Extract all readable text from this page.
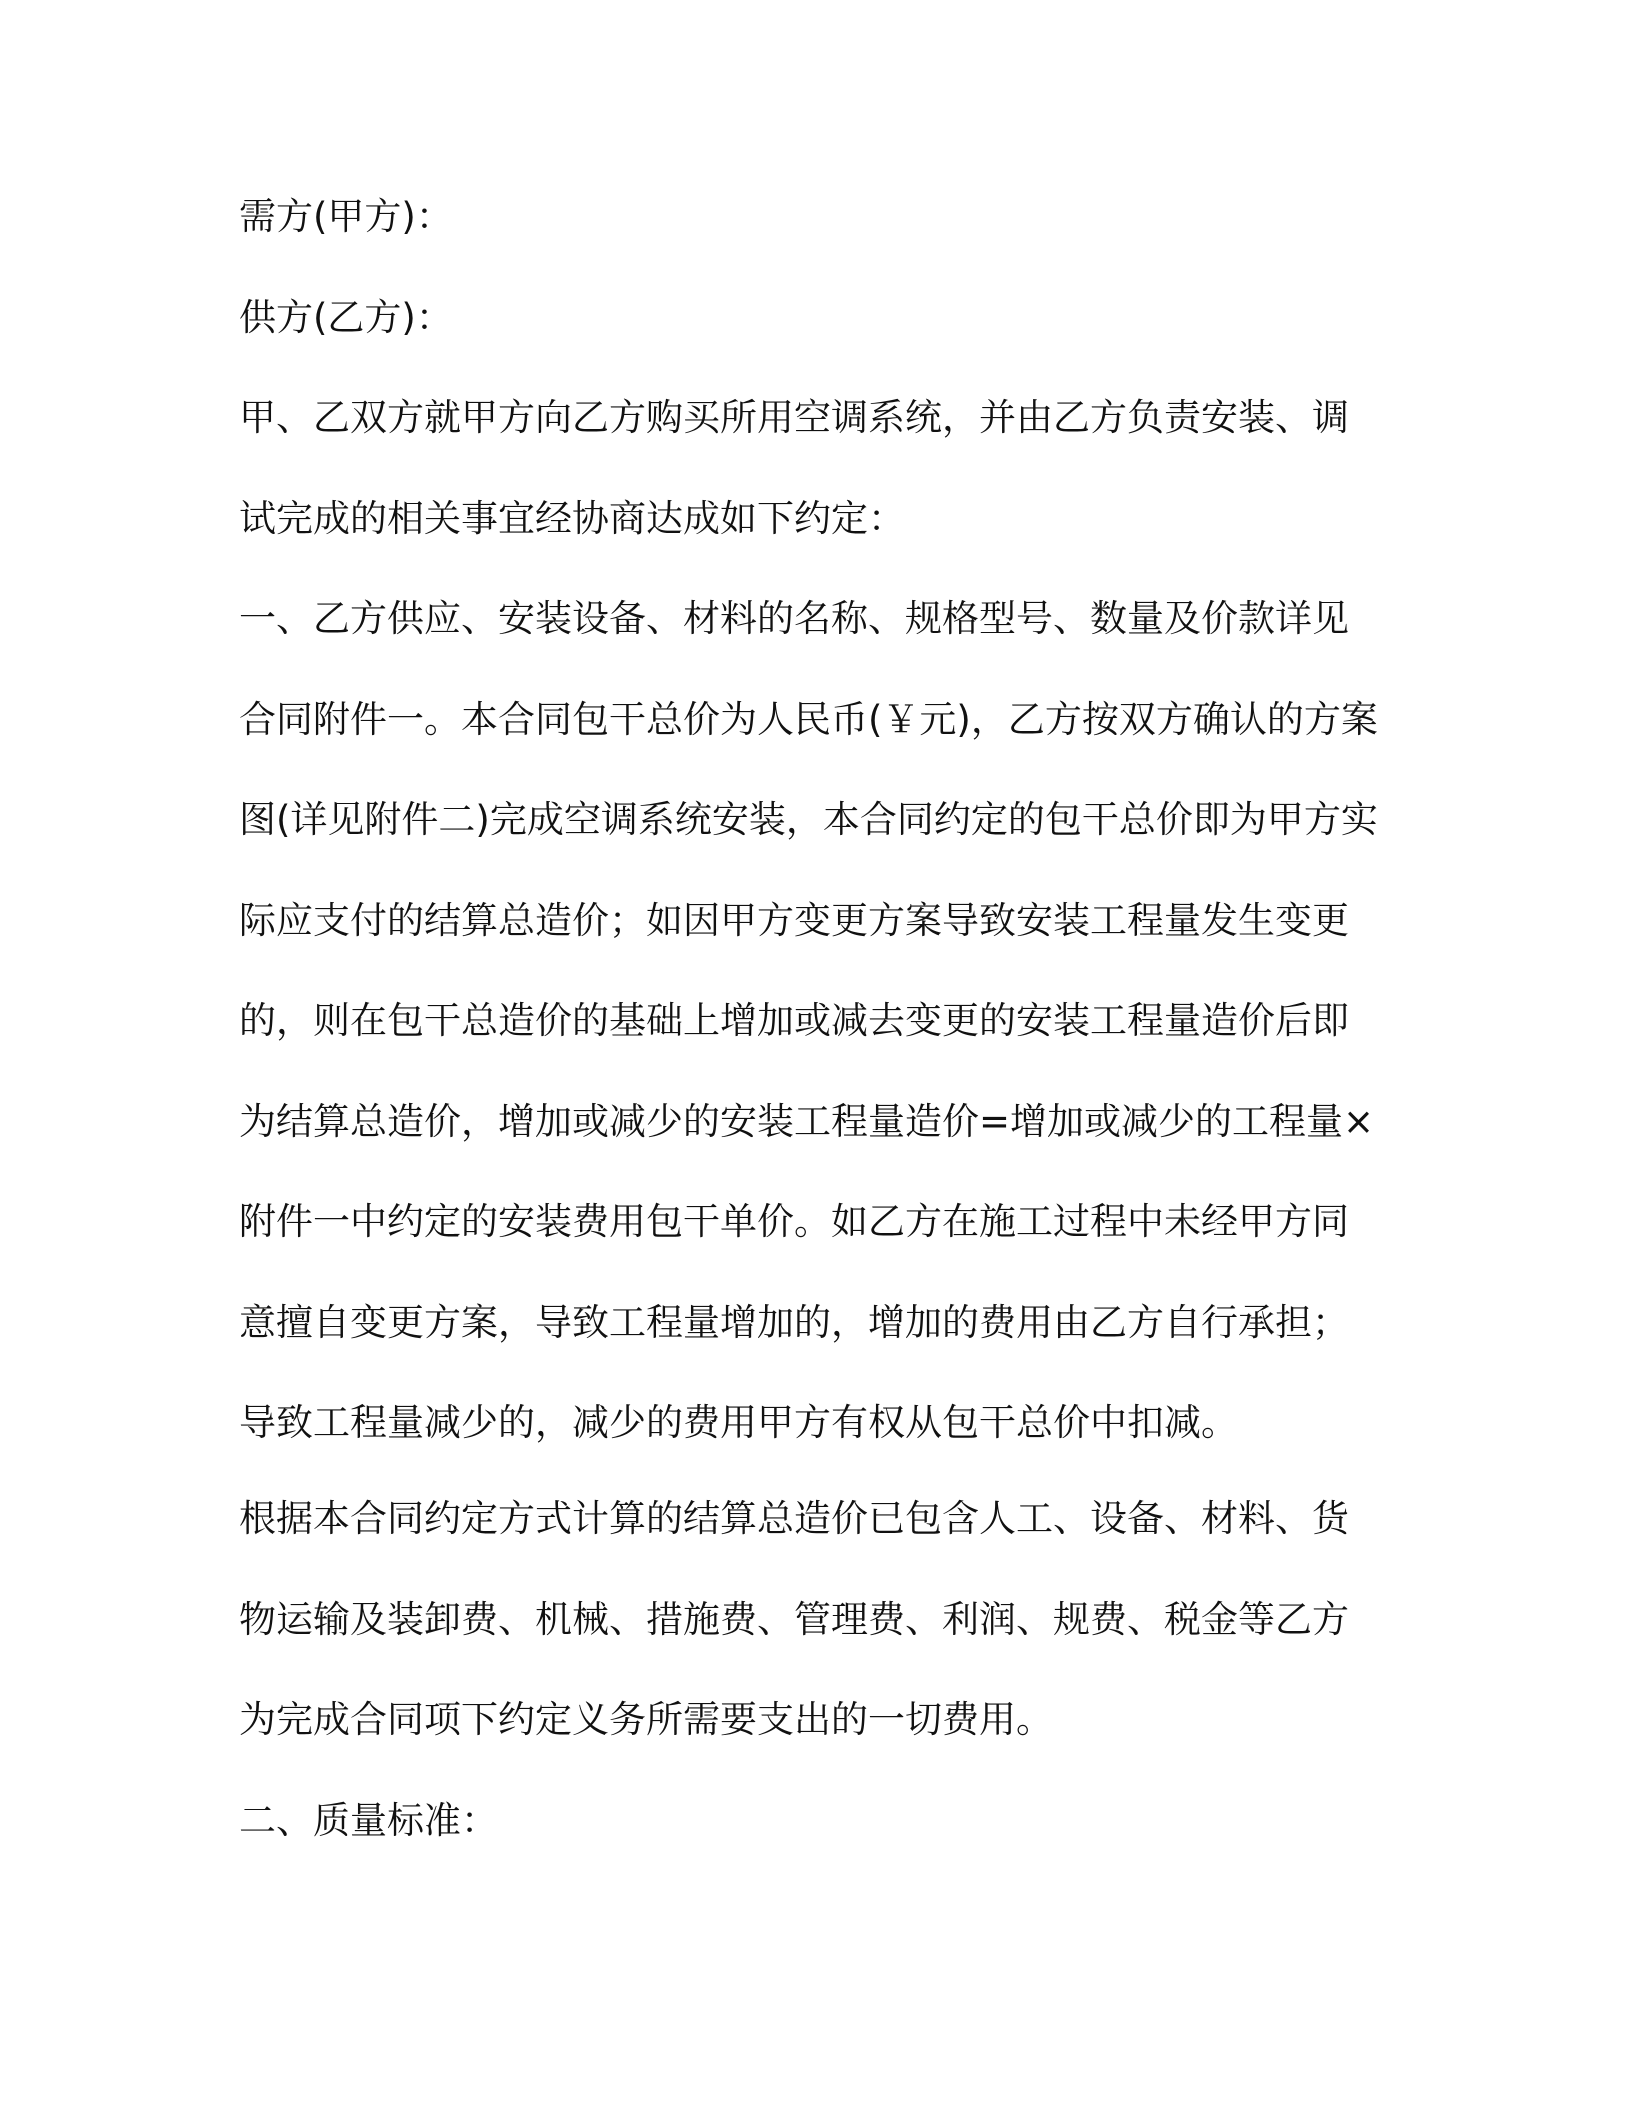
需方(甲方)：
供方(乙方)：
甲、乙双方就甲方向乙方购买所用空调系统，并由乙方负责安装、调
试完成的相关事宜经协商达成如下约定：
一、乙方供应、安装设备、材料的名称、规格型号、数量及价款详见
合同附件一。本合同包干总价为人民币(￥元)，乙方按双方确认的方案
图(详见附件二)完成空调系统安装，本合同约定的包干总价即为甲方实
际应支付的结算总造价；如因甲方变更方案导致安装工程量发生变更
的，则在包干总造价的基础上增加或减去变更的安装工程量造价后即
为结算总造价，增加或减少的安装工程量造价=增加或减少的工程量×
附件一中约定的安装费用包干单价。如乙方在施工过程中未经甲方同
意擅自变更方案，导致工程量增加的，增加的费用由乙方自行承担；
导致工程量减少的，减少的费用甲方有权从包干总价中扣减。
根据本合同约定方式计算的结算总造价已包含人工、设备、材料、货
物运输及装卸费、机械、措施费、管理费、利润、规费、税金等乙方
为完成合同项下约定义务所需要支出的一切费用。
二、质量标准：
